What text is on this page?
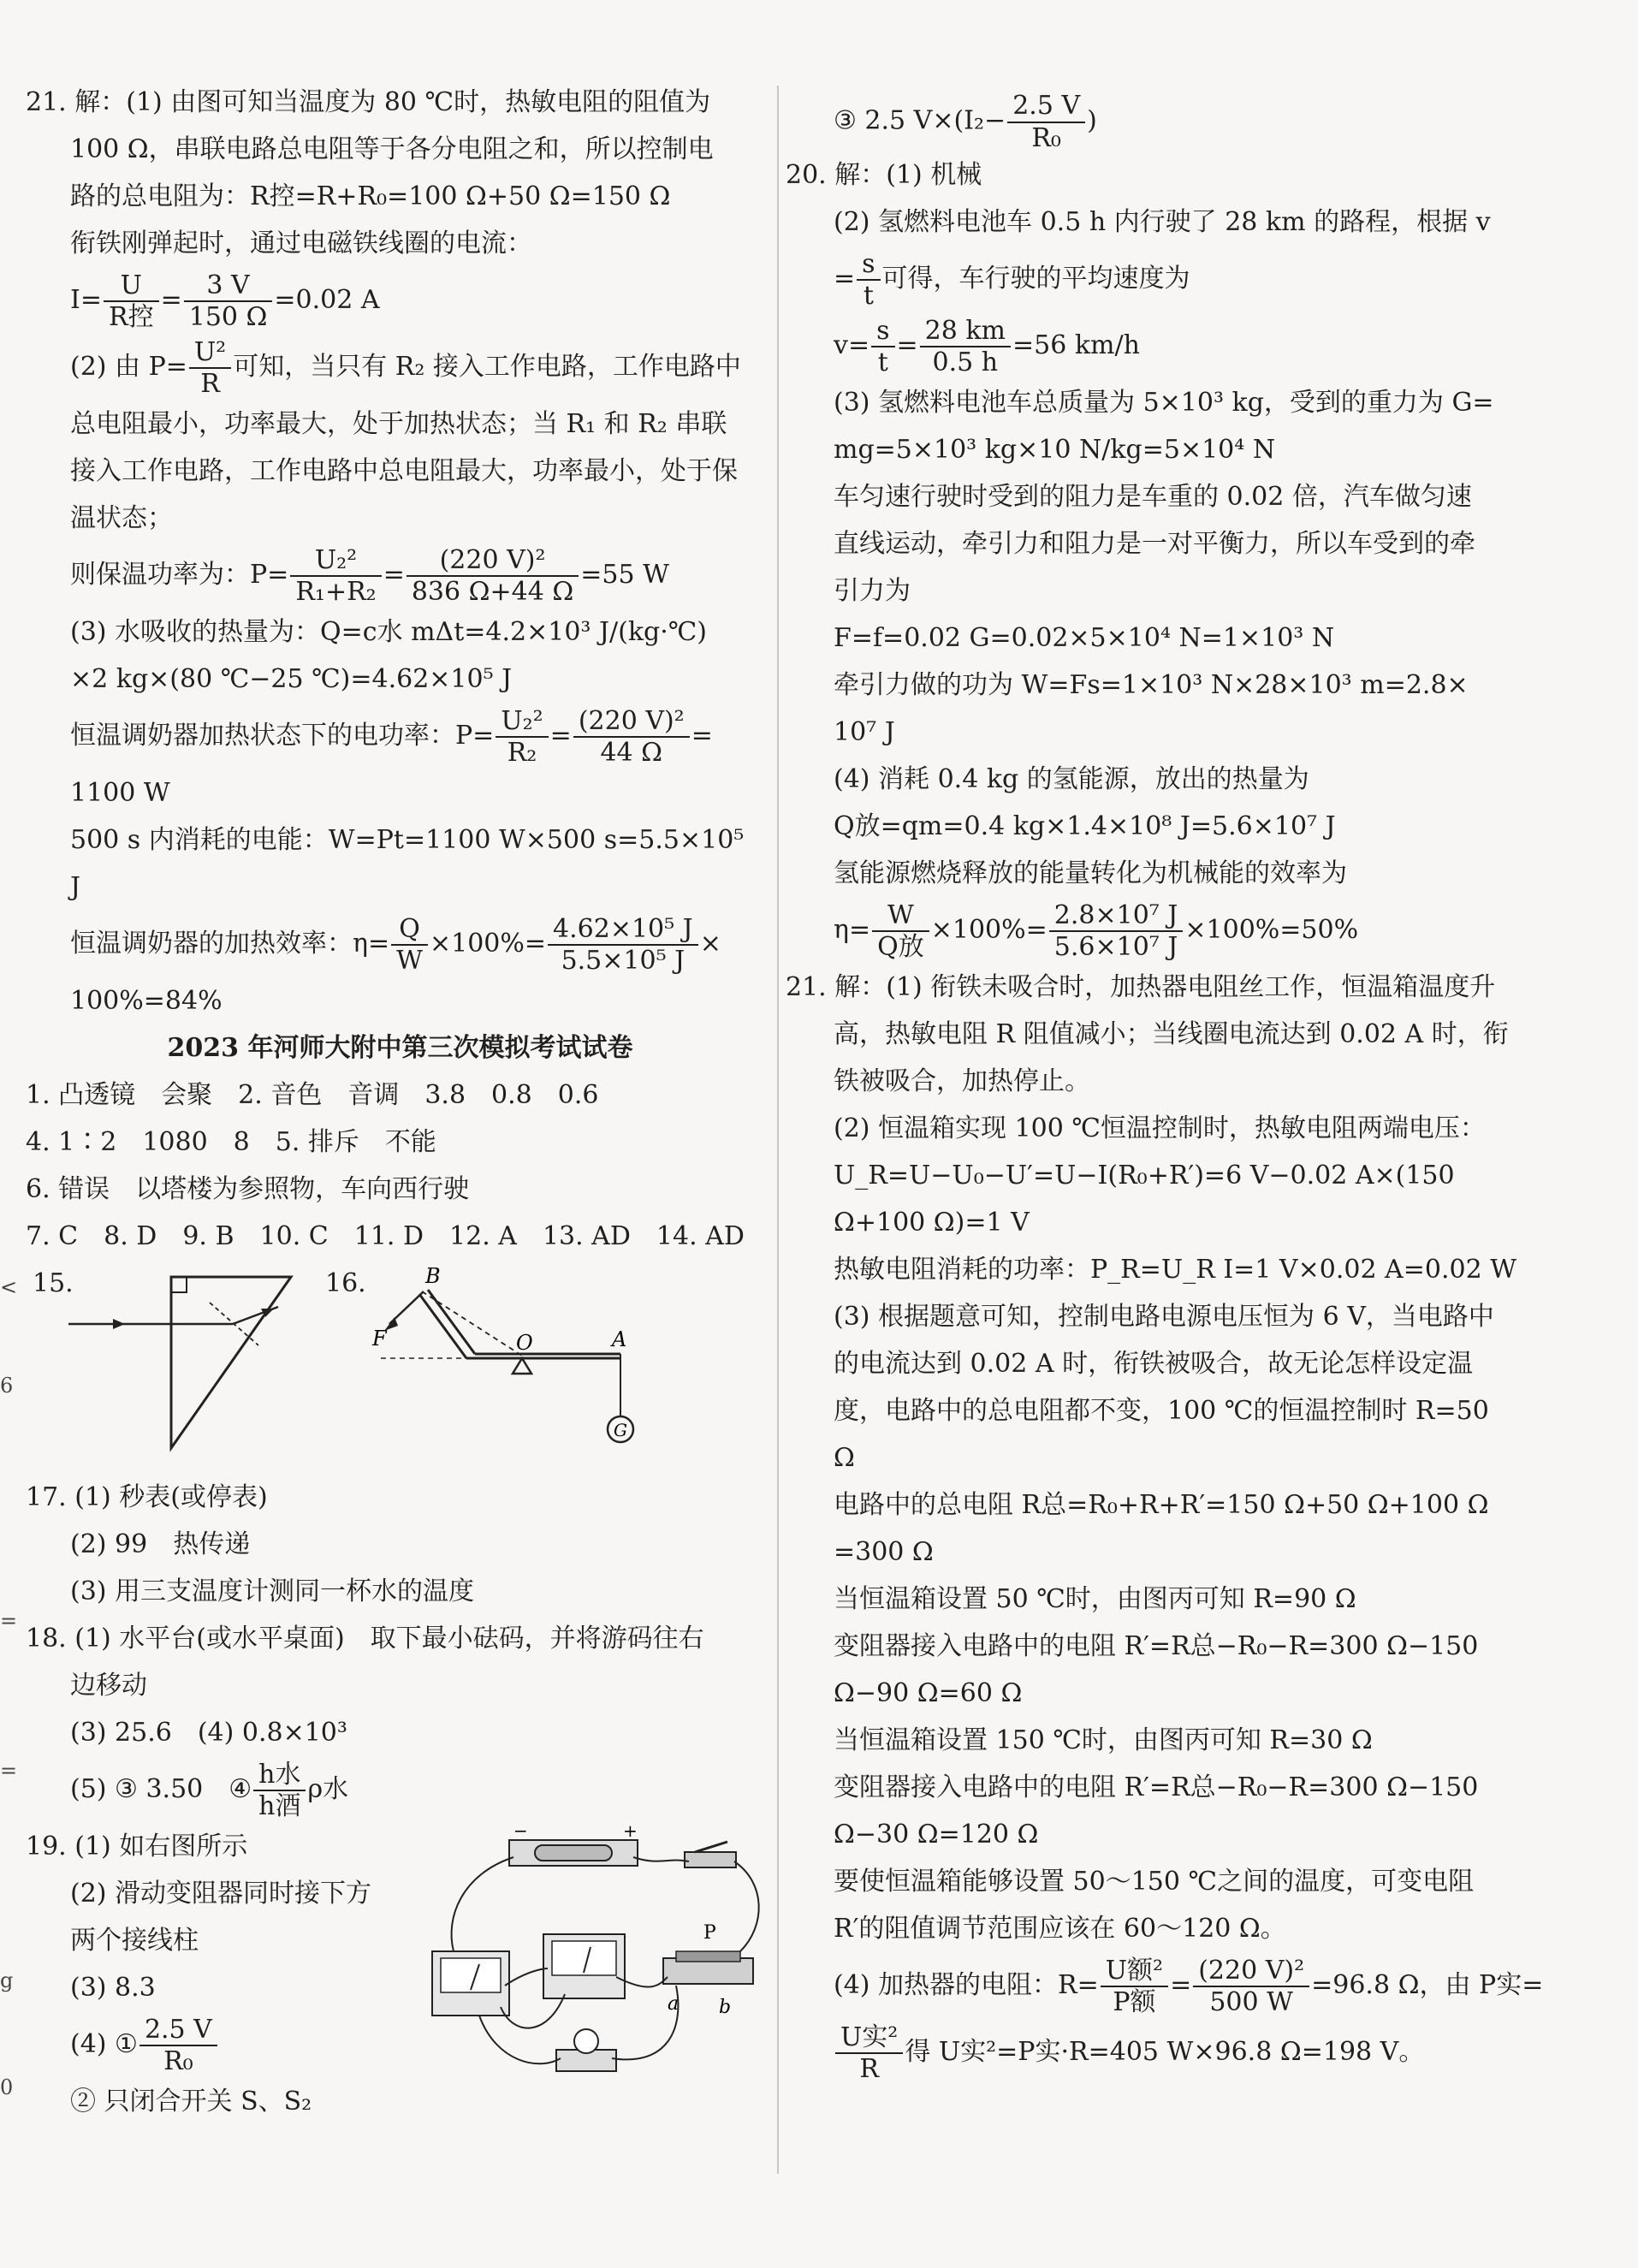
<
6
=
=
g
0
21. 解：(1) 由图可知当温度为 80 ℃时，热敏电阻的阻值为
100 Ω，串联电路总电阻等于各分电阻之和，所以控制电
路的总电阻为：R控=R+R₀=100 Ω+50 Ω=150 Ω
衔铁刚弹起时，通过电磁铁线圈的电流：
$I= \frac{U}{\text{R控}} = \frac{3 V}{150 \Omega} =0.02$ A
(2) 由 $P= \frac{\text{U²}}{R}$ 可知，当只有 R₂ 接入工作电路，工作电路中
总电阻最小，功率最大，处于加热状态；当 R₁ 和 R₂ 串联
接入工作电路，工作电路中总电阻最大，功率最小，处于保
温状态；
则保温功率为：$P= \frac{\text{U₂²}}{\text{R₁+R₂}} = \frac{\text{(220 V)²}}{836 \Omega+44 \Omega} =55$ W
(3) 水吸收的热量为：Q=c水 mΔt=4.2×10³ J/(kg·℃)
×2 kg×(80 ℃−25 ℃)=4.62×10⁵ J
恒温调奶器加热状态下的电功率：$P= \frac{\text{U₂²}}{\text{R₂}} = \frac{\text{(220 V)²}}{44 \Omega}$ =
1100 W
500 s 内消耗的电能：W=Pt=1100 W×500 s=5.5×10⁵
J
恒温调奶器的加热效率：$\eta= \frac{Q}{W} \times 100\%= \frac{\text{4.62×10⁵ J}}{\text{5.5×10⁵ J}}$ ×
100%=84%
2023 年河师大附中第三次模拟考试试卷
1. 凸透镜　会聚　2. 音色　音调　3.8　0.8　0.6
4. 1∶2　1080　8　5. 排斥　不能
6. 错误　以塔楼为参照物，车向西行驶
7. C　8. D　9. B　10. C　11. D　12. A　13. AD　14. AD
15.	16.	B
F	O	A
G
17. (1) 秒表(或停表)
(2) 99　热传递
(3) 用三支温度计测同一杯水的温度
18. (1) 水平台(或水平桌面)　取下最小砝码，并将游码往右
边移动
(3) 25.6　(4) 0.8×10³
(5) ③ 3.50　④ $\frac{\text{h水}}{\text{h酒}}$ ρ水
19. (1) 如右图所示
(2) 滑动变阻器同时接下方
两个接线柱
(3) 8.3
(4) ① $\frac{2.5 V}{\text{R₀}}$
② 只闭合开关 S、S₂
−	+
P
a b
③ 2.5 $V\times(I_2- \frac{2.5 V}{\text{R₀}}$ )
20. 解：(1) 机械
(2) 氢燃料电池车 0.5 h 内行驶了 28 km 的路程，根据 v
= $\frac{s}{t}$ 可得，车行驶的平均速度为
$v= \frac{s}{t} = \frac{28 km}{0.5 h} =56$ km/h
(3) 氢燃料电池车总质量为 5×10³ kg，受到的重力为 G=
mg=5×10³ kg×10 N/kg=5×10⁴ N
车匀速行驶时受到的阻力是车重的 0.02 倍，汽车做匀速
直线运动，牵引力和阻力是一对平衡力，所以车受到的牵
引力为
F=f=0.02 G=0.02×5×10⁴ N=1×10³ N
牵引力做的功为 W=Fs=1×10³ N×28×10³ m=2.8×
10⁷ J
(4) 消耗 0.4 kg 的氢能源，放出的热量为
Q放=qm=0.4 kg×1.4×10⁸ J=5.6×10⁷ J
氢能源燃烧释放的能量转化为机械能的效率为
$\eta= \frac{W}{\text{Q放}} \times 100\%= \frac{\text{2.8×10⁷ J}}{\text{5.6×10⁷ J}} \times 100\%=50\%$
21. 解：(1) 衔铁未吸合时，加热器电阻丝工作，恒温箱温度升
高，热敏电阻 R 阻值减小；当线圈电流达到 0.02 A 时，衔
铁被吸合，加热停止。
(2) 恒温箱实现 100 ℃恒温控制时，热敏电阻两端电压：
U_R=U−U₀−U′=U−I(R₀+R′)=6 V−0.02 A×(150
Ω+100 Ω)=1 V
热敏电阻消耗的功率：P_R=U_R I=1 V×0.02 A=0.02 W
(3) 根据题意可知，控制电路电源电压恒为 6 V，当电路中
的电流达到 0.02 A 时，衔铁被吸合，故无论怎样设定温
度，电路中的总电阻都不变，100 ℃的恒温控制时 R=50
Ω
电路中的总电阻 R总=R₀+R+R′=150 Ω+50 Ω+100 Ω
=300 Ω
当恒温箱设置 50 ℃时，由图丙可知 R=90 Ω
变阻器接入电路中的电阻 R′=R总−R₀−R=300 Ω−150
Ω−90 Ω=60 Ω
当恒温箱设置 150 ℃时，由图丙可知 R=30 Ω
变阻器接入电路中的电阻 R′=R总−R₀−R=300 Ω−150
Ω−30 Ω=120 Ω
要使恒温箱能够设置 50～150 ℃之间的温度，可变电阻
R′的阻值调节范围应该在 60～120 Ω。
(4) 加热器的电阻：$R= \frac{\text{U额²}}{\text{P额}} = \frac{\text{(220 V)²}}{500 W} =96.8$ Ω，由 P实=
$\frac{\text{U实²}}{R}$ 得 U实²=P实·R=405 W×96.8 Ω=198 V。
